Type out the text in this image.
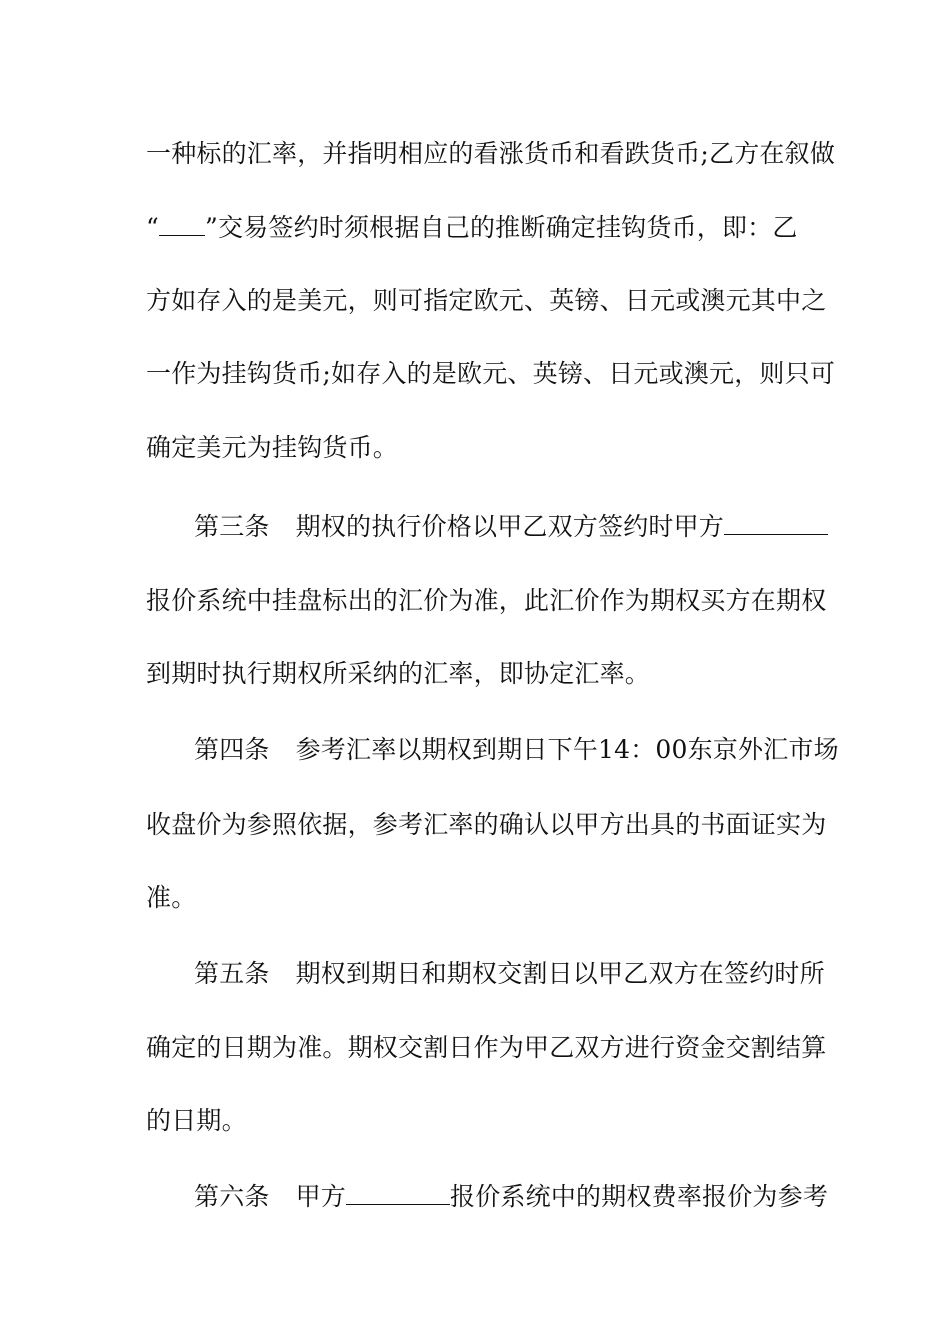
一种标的汇率，并指明相应的看涨货币和看跌货币;乙方在叙做
“ ”交易签约时须根据自己的推断确定挂钩货币，即：乙
方如存入的是美元，则可指定欧元、英镑、日元或澳元其中之
一作为挂钩货币;如存入的是欧元、英镑、日元或澳元，则只可
确定美元为挂钩货币。
第三条 期权的执行价格以甲乙双方签约时甲方
报价系统中挂盘标出的汇价为准，此汇价作为期权买方在期权
到期时执行期权所采纳的汇率，即协定汇率。
第四条 参考汇率以期权到期日下午14：00东京外汇市场
收盘价为参照依据，参考汇率的确认以甲方出具的书面证实为
准。
第五条 期权到期日和期权交割日以甲乙双方在签约时所
确定的日期为准。期权交割日作为甲乙双方进行资金交割结算
的日期。
第六条 甲方	报价系统中的期权费率报价为参考
